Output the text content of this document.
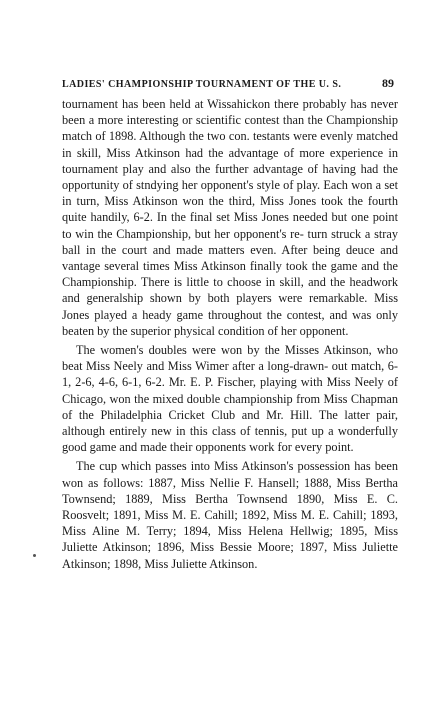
LADIES' CHAMPIONSHIP TOURNAMENT OF THE U. S.	89

tournament has been held at Wissahickon there probably has never been a more interesting or scientific contest than the Championship match of 1898. Although the two con. testants were evenly matched in skill, Miss Atkinson had the advantage of more experience in tournament play and also the further advantage of having had the opportunity of stndying her opponent's style of play. Each won a set in turn, Miss Atkinson won the third, Miss Jones took the fourth quite handily, 6-2. In the final set Miss Jones needed but one point to win the Championship, but her opponent's re- turn struck a stray ball in the court and made matters even. After being deuce and vantage several times Miss Atkinson finally took the game and the Championship. There is little to choose in skill, and the headwork and generalship shown by both players were remarkable. Miss Jones played a heady game throughout the contest, and was only beaten by the superior physical condition of her opponent.

The women's doubles were won by the Misses Atkinson, who beat Miss Neely and Miss Wimer after a long-drawn- out match, 6-1, 2-6, 4-6, 6-1, 6-2. Mr. E. P. Fischer, playing with Miss Neely of Chicago, won the mixed double championship from Miss Chapman of the Philadelphia Cricket Club and Mr. Hill. The latter pair, although entirely new in this class of tennis, put up a wonderfully good game and made their opponents work for every point.

The cup which passes into Miss Atkinson's possession has been won as follows: 1887, Miss Nellie F. Hansell; 1888, Miss Bertha Townsend; 1889, Miss Bertha Townsend 1890, Miss E. C. Roosvelt; 1891, Miss M. E. Cahill; 1892, Miss M. E. Cahill; 1893, Miss Aline M. Terry; 1894, Miss Helena Hellwig; 1895, Miss Juliette Atkinson; 1896, Miss Bessie Moore; 1897, Miss Juliette Atkinson; 1898, Miss Juliette Atkinson.
